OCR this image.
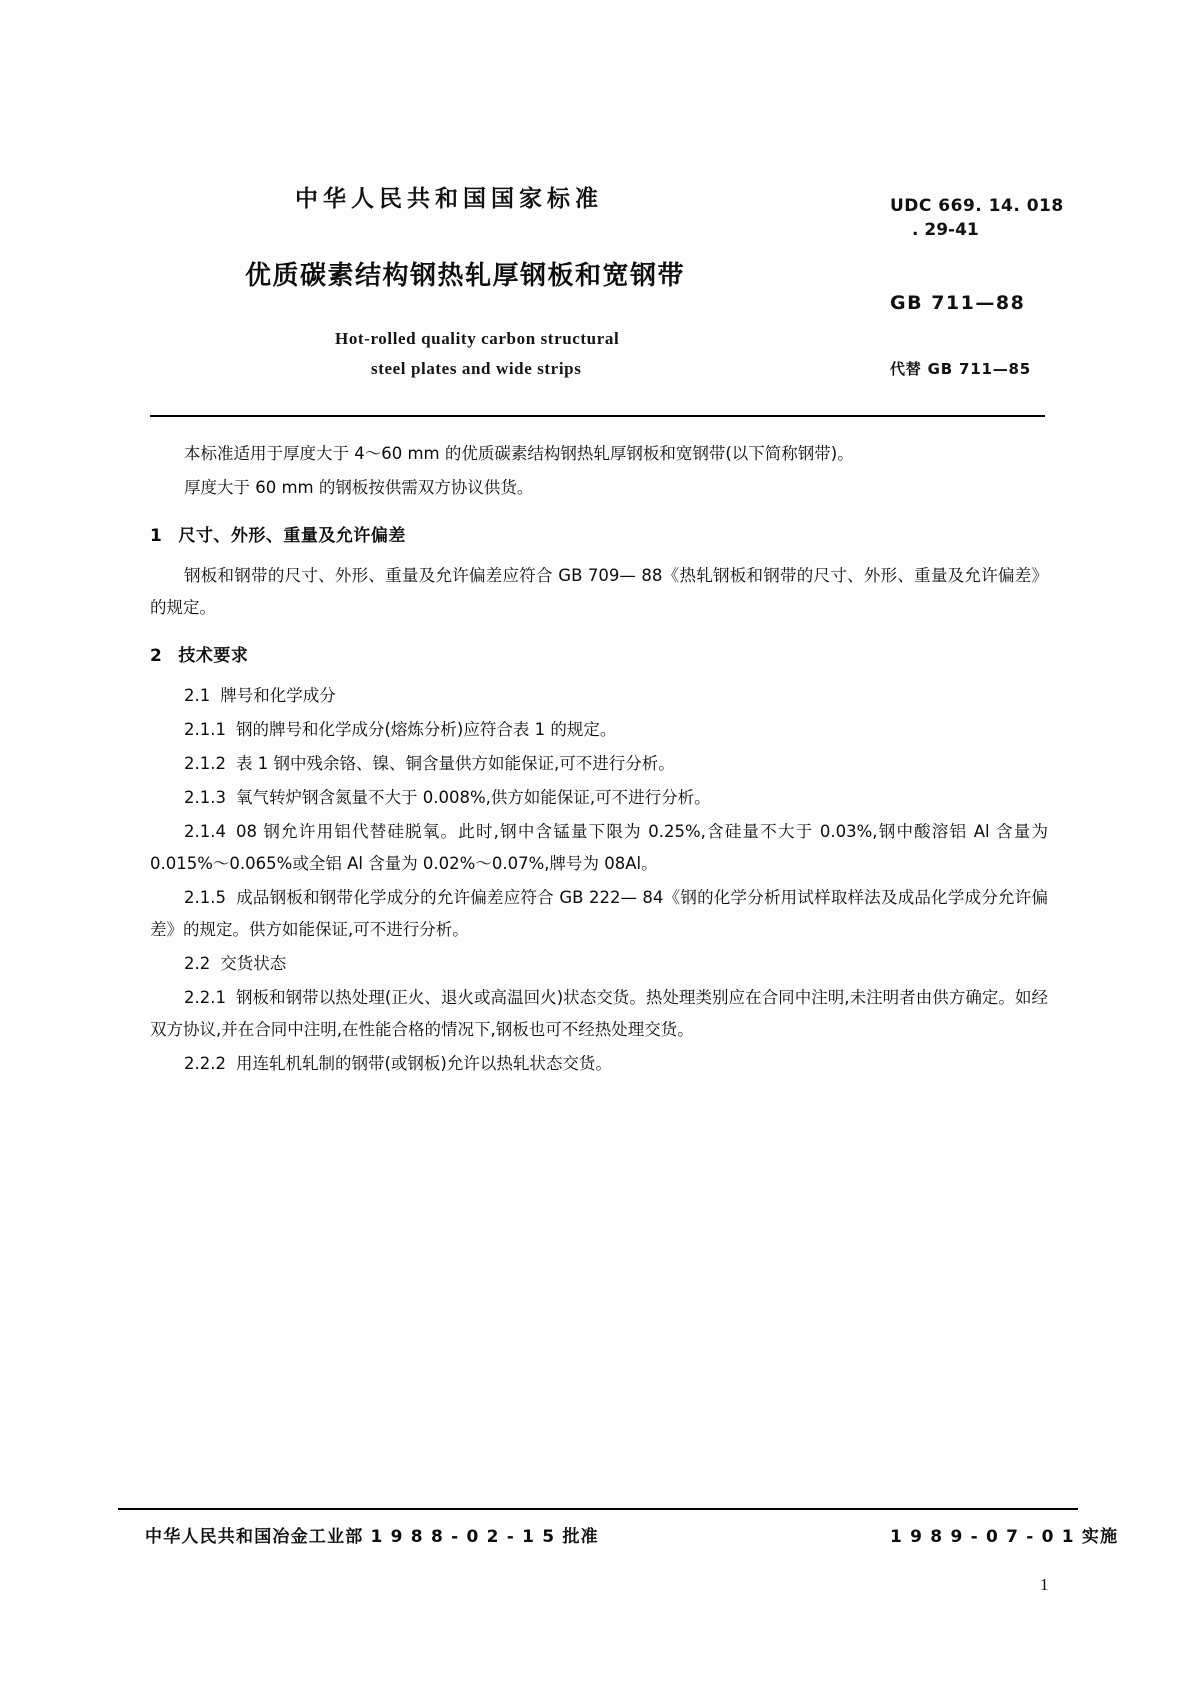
中华人民共和国国家标准
优质碳素结构钢热轧厚钢板和宽钢带
Hot-rolled quality carbon structural
steel plates and wide strips
UDC 669. 14. 018
. 29-41
GB 711—88
代替 GB 711—85

本标准适用于厚度大于 4～60 mm 的优质碳素结构钢热轧厚钢板和宽钢带(以下简称钢带)。

厚度大于 60 mm 的钢板按供需双方协议供货。

1 尺寸、外形、重量及允许偏差

钢板和钢带的尺寸、外形、重量及允许偏差应符合 GB 709— 88《热轧钢板和钢带的尺寸、外形、重量及允许偏差》的规定。

2 技术要求

2.1 牌号和化学成分

2.1.1 钢的牌号和化学成分(熔炼分析)应符合表 1 的规定。

2.1.2 表 1 钢中残余铬、镍、铜含量供方如能保证,可不进行分析。

2.1.3 氧气转炉钢含氮量不大于 0.008%,供方如能保证,可不进行分析。

2.1.4 08 钢允许用铝代替硅脱氧。此时,钢中含锰量下限为 0.25%,含硅量不大于 0.03%,钢中酸溶铝 Al 含量为 0.015%～0.065%或全铝 Al 含量为 0.02%～0.07%,牌号为 08Al。

2.1.5 成品钢板和钢带化学成分的允许偏差应符合 GB 222— 84《钢的化学分析用试样取样法及成品化学成分允许偏差》的规定。供方如能保证,可不进行分析。

2.2 交货状态

2.2.1 钢板和钢带以热处理(正火、退火或高温回火)状态交货。热处理类别应在合同中注明,未注明者由供方确定。如经双方协议,并在合同中注明,在性能合格的情况下,钢板也可不经热处理交货。

2.2.2 用连轧机轧制的钢带(或钢板)允许以热轧状态交货。

中华人民共和国冶金工业部 1 9 8 8 - 0 2 - 1 5 批准	1 9 8 9 - 0 7 - 0 1 实施
1
